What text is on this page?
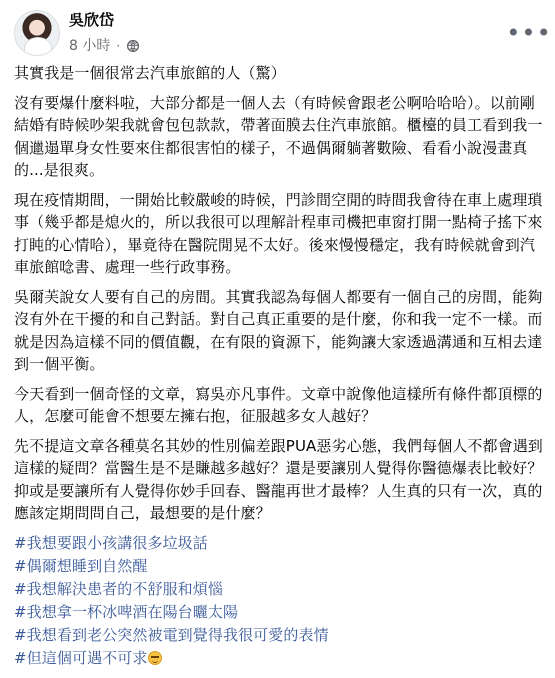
吳欣岱
8 小時 ·	•••

其實我是一個很常去汽車旅館的人（驚）

沒有要爆什麼料啦，大部分都是一個人去（有時候會跟老公啊哈哈哈）。以前剛結婚有時候吵架我就會包包款款，帶著面膜去住汽車旅館。櫃檯的員工看到我一個邋遢單身女性要來住都很害怕的樣子，不過偶爾躺著數險、看看小說漫畫真的...是很爽。

現在疫情期間，一開始比較嚴峻的時候，門診間空閒的時間我會待在車上處理瑣事（幾乎都是熄火的，所以我很可以理解計程車司機把車窗打開一點椅子搖下來打盹的心情哈），畢竟待在醫院閒晃不太好。後來慢慢穩定，我有時候就會到汽車旅館唸書、處理一些行政事務。

吳爾芙說女人要有自己的房間。其實我認為每個人都要有一個自己的房間，能夠沒有外在干擾的和自己對話。對自己真正重要的是什麼，你和我一定不一樣。而就是因為這樣不同的價值觀，在有限的資源下，能夠讓大家透過溝通和互相去達到一個平衡。

今天看到一個奇怪的文章，寫吳亦凡事件。文章中說像他這樣所有條件都頂標的人，怎麼可能會不想要左擁右抱，征服越多女人越好？

先不提這文章各種莫名其妙的性別偏差跟PUA惡劣心態，我們每個人不都會遇到這樣的疑問？當醫生是不是賺越多越好？還是要讓別人覺得你醫德爆表比較好？抑或是要讓所有人覺得你妙手回春、醫龍再世才最棒？人生真的只有一次，真的應該定期問問自己，最想要的是什麼？

#我想要跟小孩講很多垃圾話
#偶爾想睡到自然醒
#我想解決患者的不舒服和煩惱
#我想拿一杯冰啤酒在陽台曬太陽
#我想看到老公突然被電到覺得我很可愛的表情
#但這個可遇不可求
